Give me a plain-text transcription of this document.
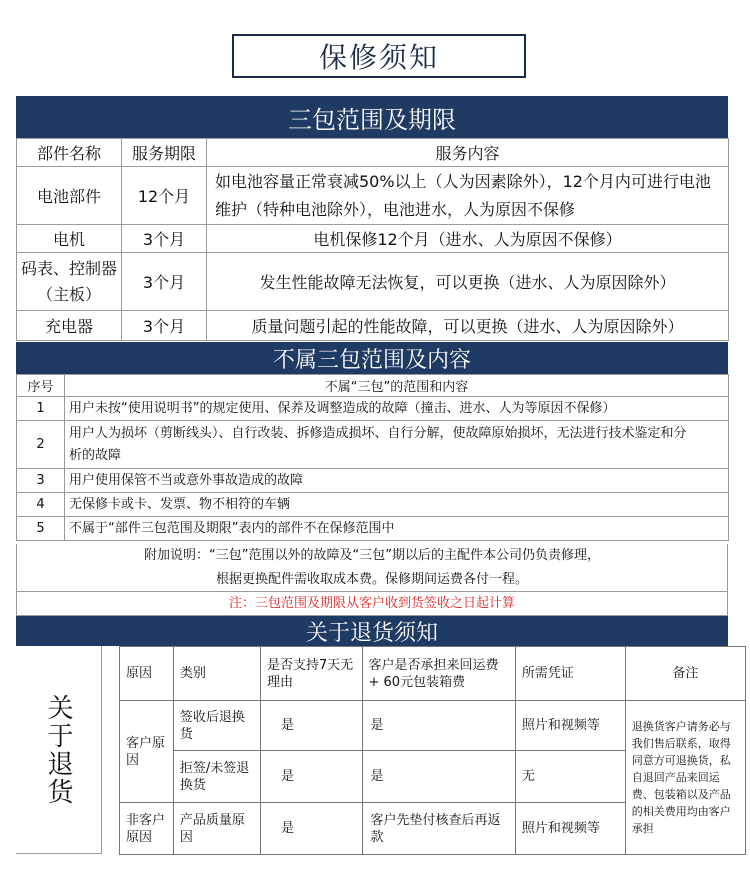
保修须知
三包范围及期限
部件名称	服务期限	服务内容
电池部件	12个月	如电池容量正常衰减50%以上（人为因素除外），12个月内可进行电池维护（特种电池除外），电池进水，人为原因不保修
电机	3个月	电机保修12个月（进水、人为原因不保修）
码表、控制器（主板）	3个月	发生性能故障无法恢复，可以更换（进水、人为原因除外）
充电器	3个月	质量问题引起的性能故障，可以更换（进水、人为原因除外）
不属三包范围及内容
序号	不属“三包”的范围和内容
1	用户未按“使用说明书”的规定使用、保养及调整造成的故障（撞击、进水、人为等原因不保修）
2	用户人为损坏（剪断线头）、自行改装、拆修造成损坏、自行分解，使故障原始损坏，无法进行技术鉴定和分析的故障
3	用户使用保管不当或意外事故造成的故障
4	无保修卡或卡、发票、物不相符的车辆
5	不属于“部件三包范围及期限”表内的部件不在保修范围中
附加说明：“三包”范围以外的故障及“三包”期以后的主配件本公司仍负责修理，
根据更换配件需收取成本费。保修期间运费各付一程。
注：三包范围及期限从客户收到货签收之日起计算
关于退货须知
关于退货
原因	类别	是否支持7天无理由	客户是否承担来回运费 + 60元包装箱费	所需凭证	备注
客户原因	签收后退换货	是	是	照片和视频等	退换货客户请务必与我们售后联系，取得同意方可退换货，私自退回产品来回运费、包装箱以及产品的相关费用均由客户承担
	拒签/未签退换货	是	是	无	
非客户原因	产品质量原因	是	客户先垫付核查后再返款	照片和视频等	
